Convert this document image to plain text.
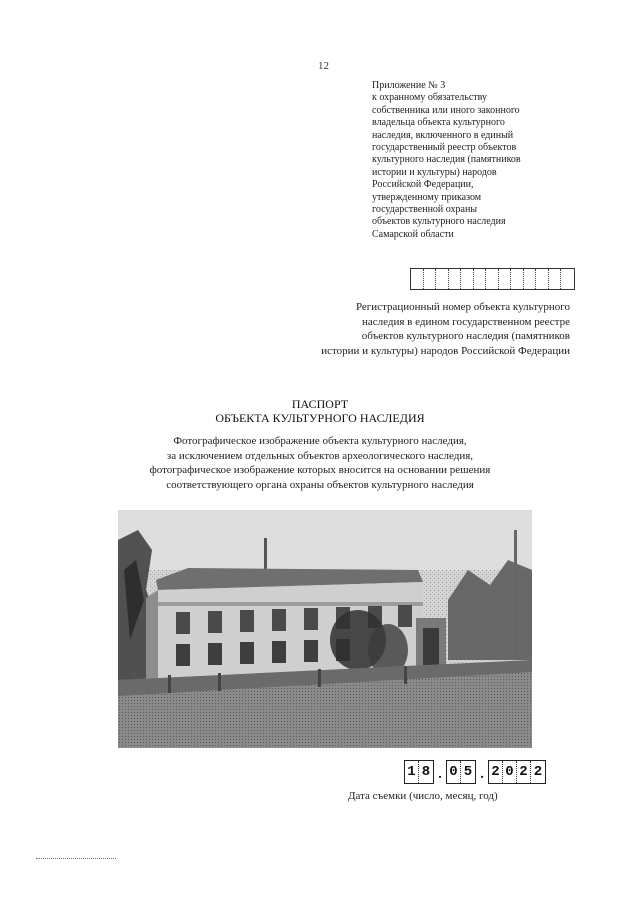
12
Приложение № 3
к охранному обязательству
собственника или иного законного
владельца объекта культурного
наследия, включенного в единый
государственный реестр объектов
культурного наследия (памятников
истории и культуры) народов
Российской Федерации,
утвержденному приказом
государственной охраны
объектов культурного наследия
Самарской области
Регистрационный номер объекта культурного
наследия в едином государственном реестре
объектов культурного наследия (памятников
истории и культуры) народов Российской Федерации
ПАСПОРТ
ОБЪЕКТА КУЛЬТУРНОГО НАСЛЕДИЯ
Фотографическое изображение объекта культурного наследия,
за исключением отдельных объектов археологического наследия,
фотографическое изображение которых вносится на основании решения
соответствующего органа охраны объектов культурного наследия
1 8 . 0 5 . 2 0 2 2
Дата съемки (число, месяц, год)
